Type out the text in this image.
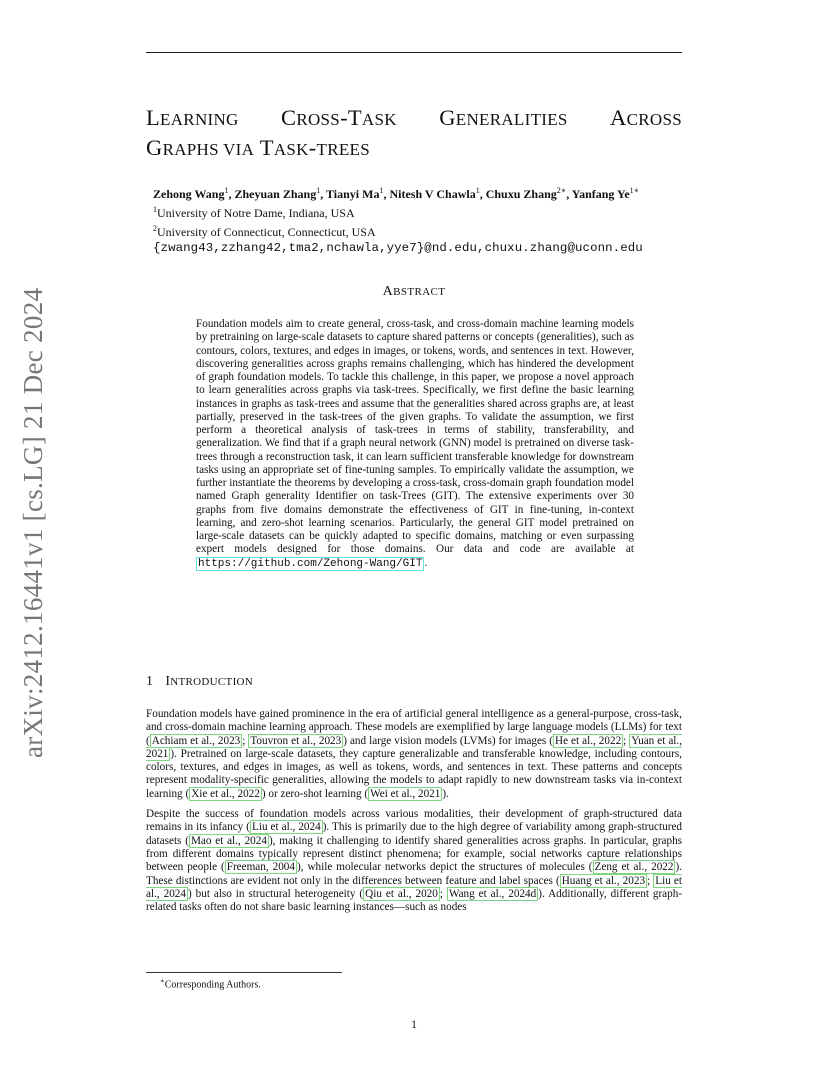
LEARNING CROSS-TASK GENERALITIES ACROSS
GRAPHS VIA TASK-TREES
Zehong Wang$^1$, Zheyuan Zhang$^1$, Tianyi Ma$^1$, Nitesh V Chawla$^1$, Chuxu Zhang$^{2∗}$, Yanfang $Ye^{1∗}$
$^1$University of Notre Dame, Indiana, USA
$^2$University of Connecticut, Connecticut, USA
{zwang43,zzhang42,tma2,nchawla,yye7}@nd.edu,chuxu.zhang@uconn.edu
arXiv:2412.16441v1 [cs.LG] 21 Dec 2024	ABSTRACT
Foundation models aim to create general, cross-task, and cross-domain machine learning models by pretraining on large-scale datasets to capture shared patterns or concepts (generalities), such as contours, colors, textures, and edges in images, or tokens, words, and sentences in text. However, discovering generalities across graphs remains challenging, which has hindered the development of graph foundation models. To tackle this challenge, in this paper, we propose a novel approach to learn generalities across graphs via task-trees. Specifically, we first define the basic learning instances in graphs as task-trees and assume that the generalities shared across graphs are, at least partially, preserved in the task-trees of the given graphs. To validate the assumption, we first perform a theoretical analysis of task-trees in terms of stability, transferability, and generalization. We find that if a graph neural network (GNN) model is pretrained on diverse task-trees through a reconstruction task, it can learn sufficient transferable knowledge for downstream tasks using an appropriate set of fine-tuning samples. To empirically validate the assumption, we further instantiate the theorems by developing a cross-task, cross-domain graph foundation model named Graph generality Identifier on task-Trees (GIT). The extensive experiments over 30 graphs from five domains demonstrate the effectiveness of GIT in fine-tuning, in-context learning, and zero-shot learning scenarios. Particularly, the general GIT model pretrained on large-scale datasets can be quickly adapted to specific domains, matching or even surpassing expert models designed for those domains. Our data and code are available at https://github.com/Zehong-Wang/GIT .
1 INTRODUCTION

Foundation models have gained prominence in the era of artificial general intelligence as a general-purpose, cross-task, and cross-domain machine learning approach. These models are exemplified by large language models (LLMs) for text ( Achiam et al., 2023 ; Touvron et al., 2023 ) and large vision models (LVMs) for images ( He et al., 2022 ; Yuan et al., 2021 ). Pretrained on large-scale datasets, they capture generalizable and transferable knowledge, including contours, colors, textures, and edges in images, as well as tokens, words, and sentences in text. These patterns and concepts represent modality-specific generalities, allowing the models to adapt rapidly to new downstream tasks via in-context learning ( Xie et al., 2022 ) or zero-shot learning ( Wei et al., 2021 ).

Despite the success of foundation models across various modalities, their development of graph-structured data remains in its infancy ( Liu et al., 2024 ). This is primarily due to the high degree of variability among graph-structured datasets ( Mao et al., 2024 ), making it challenging to identify shared generalities across graphs. In particular, graphs from different domains typically represent distinct phenomena; for example, social networks capture relationships between people ( Freeman, 2004 ), while molecular networks depict the structures of molecules ( Zeng et al., 2022 ). These distinctions are evident not only in the differences between feature and label spaces ( Huang et al., 2023 ; Liu et al., 2024 ) but also in structural heterogeneity ( Qiu et al., 2020 ; Wang et al., 2024d ). Additionally, different graph-related tasks often do not share basic learning instances—such as nodes

∗Corresponding Authors.
1
